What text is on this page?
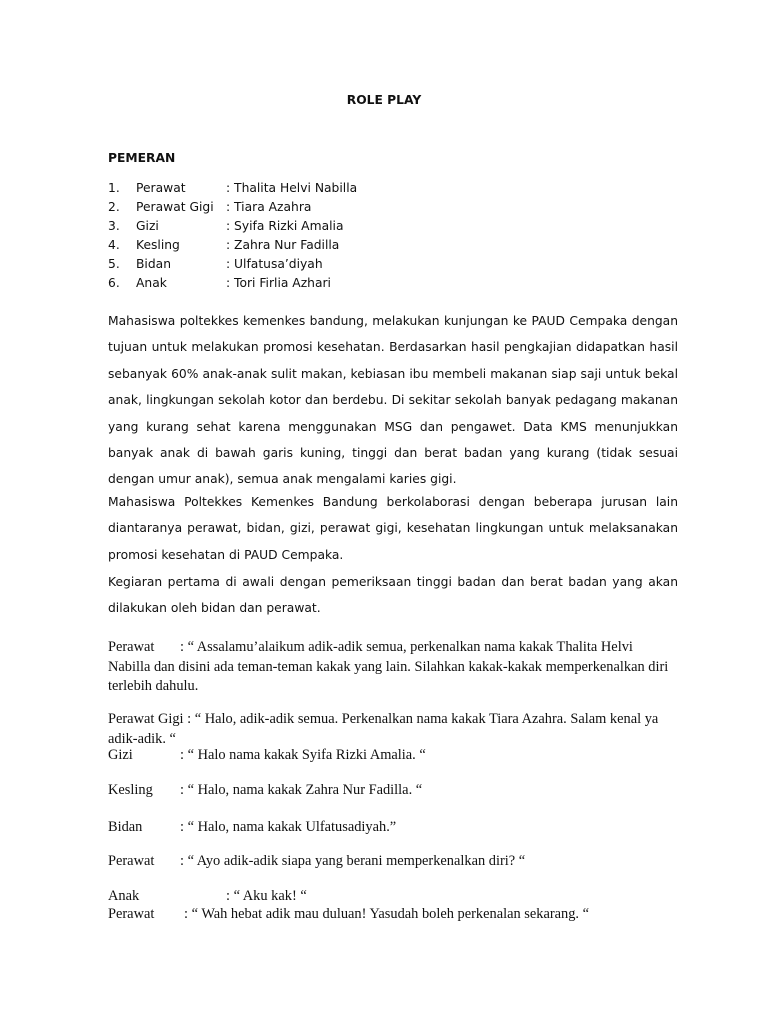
ROLE PLAY
PEMERAN
1. Perawat	: Thalita Helvi Nabilla
2. Perawat Gigi : Tiara Azahra
3. Gizi	: Syifa Rizki Amalia
4. Kesling	: Zahra Nur Fadilla
5. Bidan	: Ulfatusa’diyah
6. Anak	: Tori Firlia Azhari

Mahasiswa poltekkes kemenkes bandung, melakukan kunjungan ke PAUD Cempaka dengan tujuan untuk melakukan promosi kesehatan. Berdasarkan hasil pengkajian didapatkan hasil sebanyak 60% anak-anak sulit makan, kebiasan ibu membeli makanan siap saji untuk bekal anak, lingkungan sekolah kotor dan berdebu. Di sekitar sekolah banyak pedagang makanan yang kurang sehat karena menggunakan MSG dan pengawet. Data KMS menunjukkan banyak anak di bawah garis kuning, tinggi dan berat badan yang kurang (tidak sesuai dengan umur anak), semua anak mengalami karies gigi.

Mahasiswa Poltekkes Kemenkes Bandung berkolaborasi dengan beberapa jurusan lain diantaranya perawat, bidan, gizi, perawat gigi, kesehatan lingkungan untuk melaksanakan promosi kesehatan di PAUD Cempaka.

Kegiaran pertama di awali dengan pemeriksaan tinggi badan dan berat badan yang akan dilakukan oleh bidan dan perawat.

Perawat : “ Assalamu’alaikum adik-adik semua, perkenalkan nama kakak Thalita Helvi Nabilla dan disini ada teman-teman kakak yang lain. Silahkan kakak-kakak memperkenalkan diri terlebih dahulu.
Perawat Gigi : “ Halo, adik-adik semua. Perkenalkan nama kakak Tiara Azahra. Salam kenal ya adik-adik. “
Gizi	: “ Halo nama kakak Syifa Rizki Amalia. “
Kesling : “ Halo, nama kakak Zahra Nur Fadilla. “
Bidan	: “ Halo, nama kakak Ulfatusadiyah.”
Perawat : “ Ayo adik-adik siapa yang berani memperkenalkan diri? “
Anak	: “ Aku kak! “
Perawat : “ Wah hebat adik mau duluan! Yasudah boleh perkenalan sekarang. “
